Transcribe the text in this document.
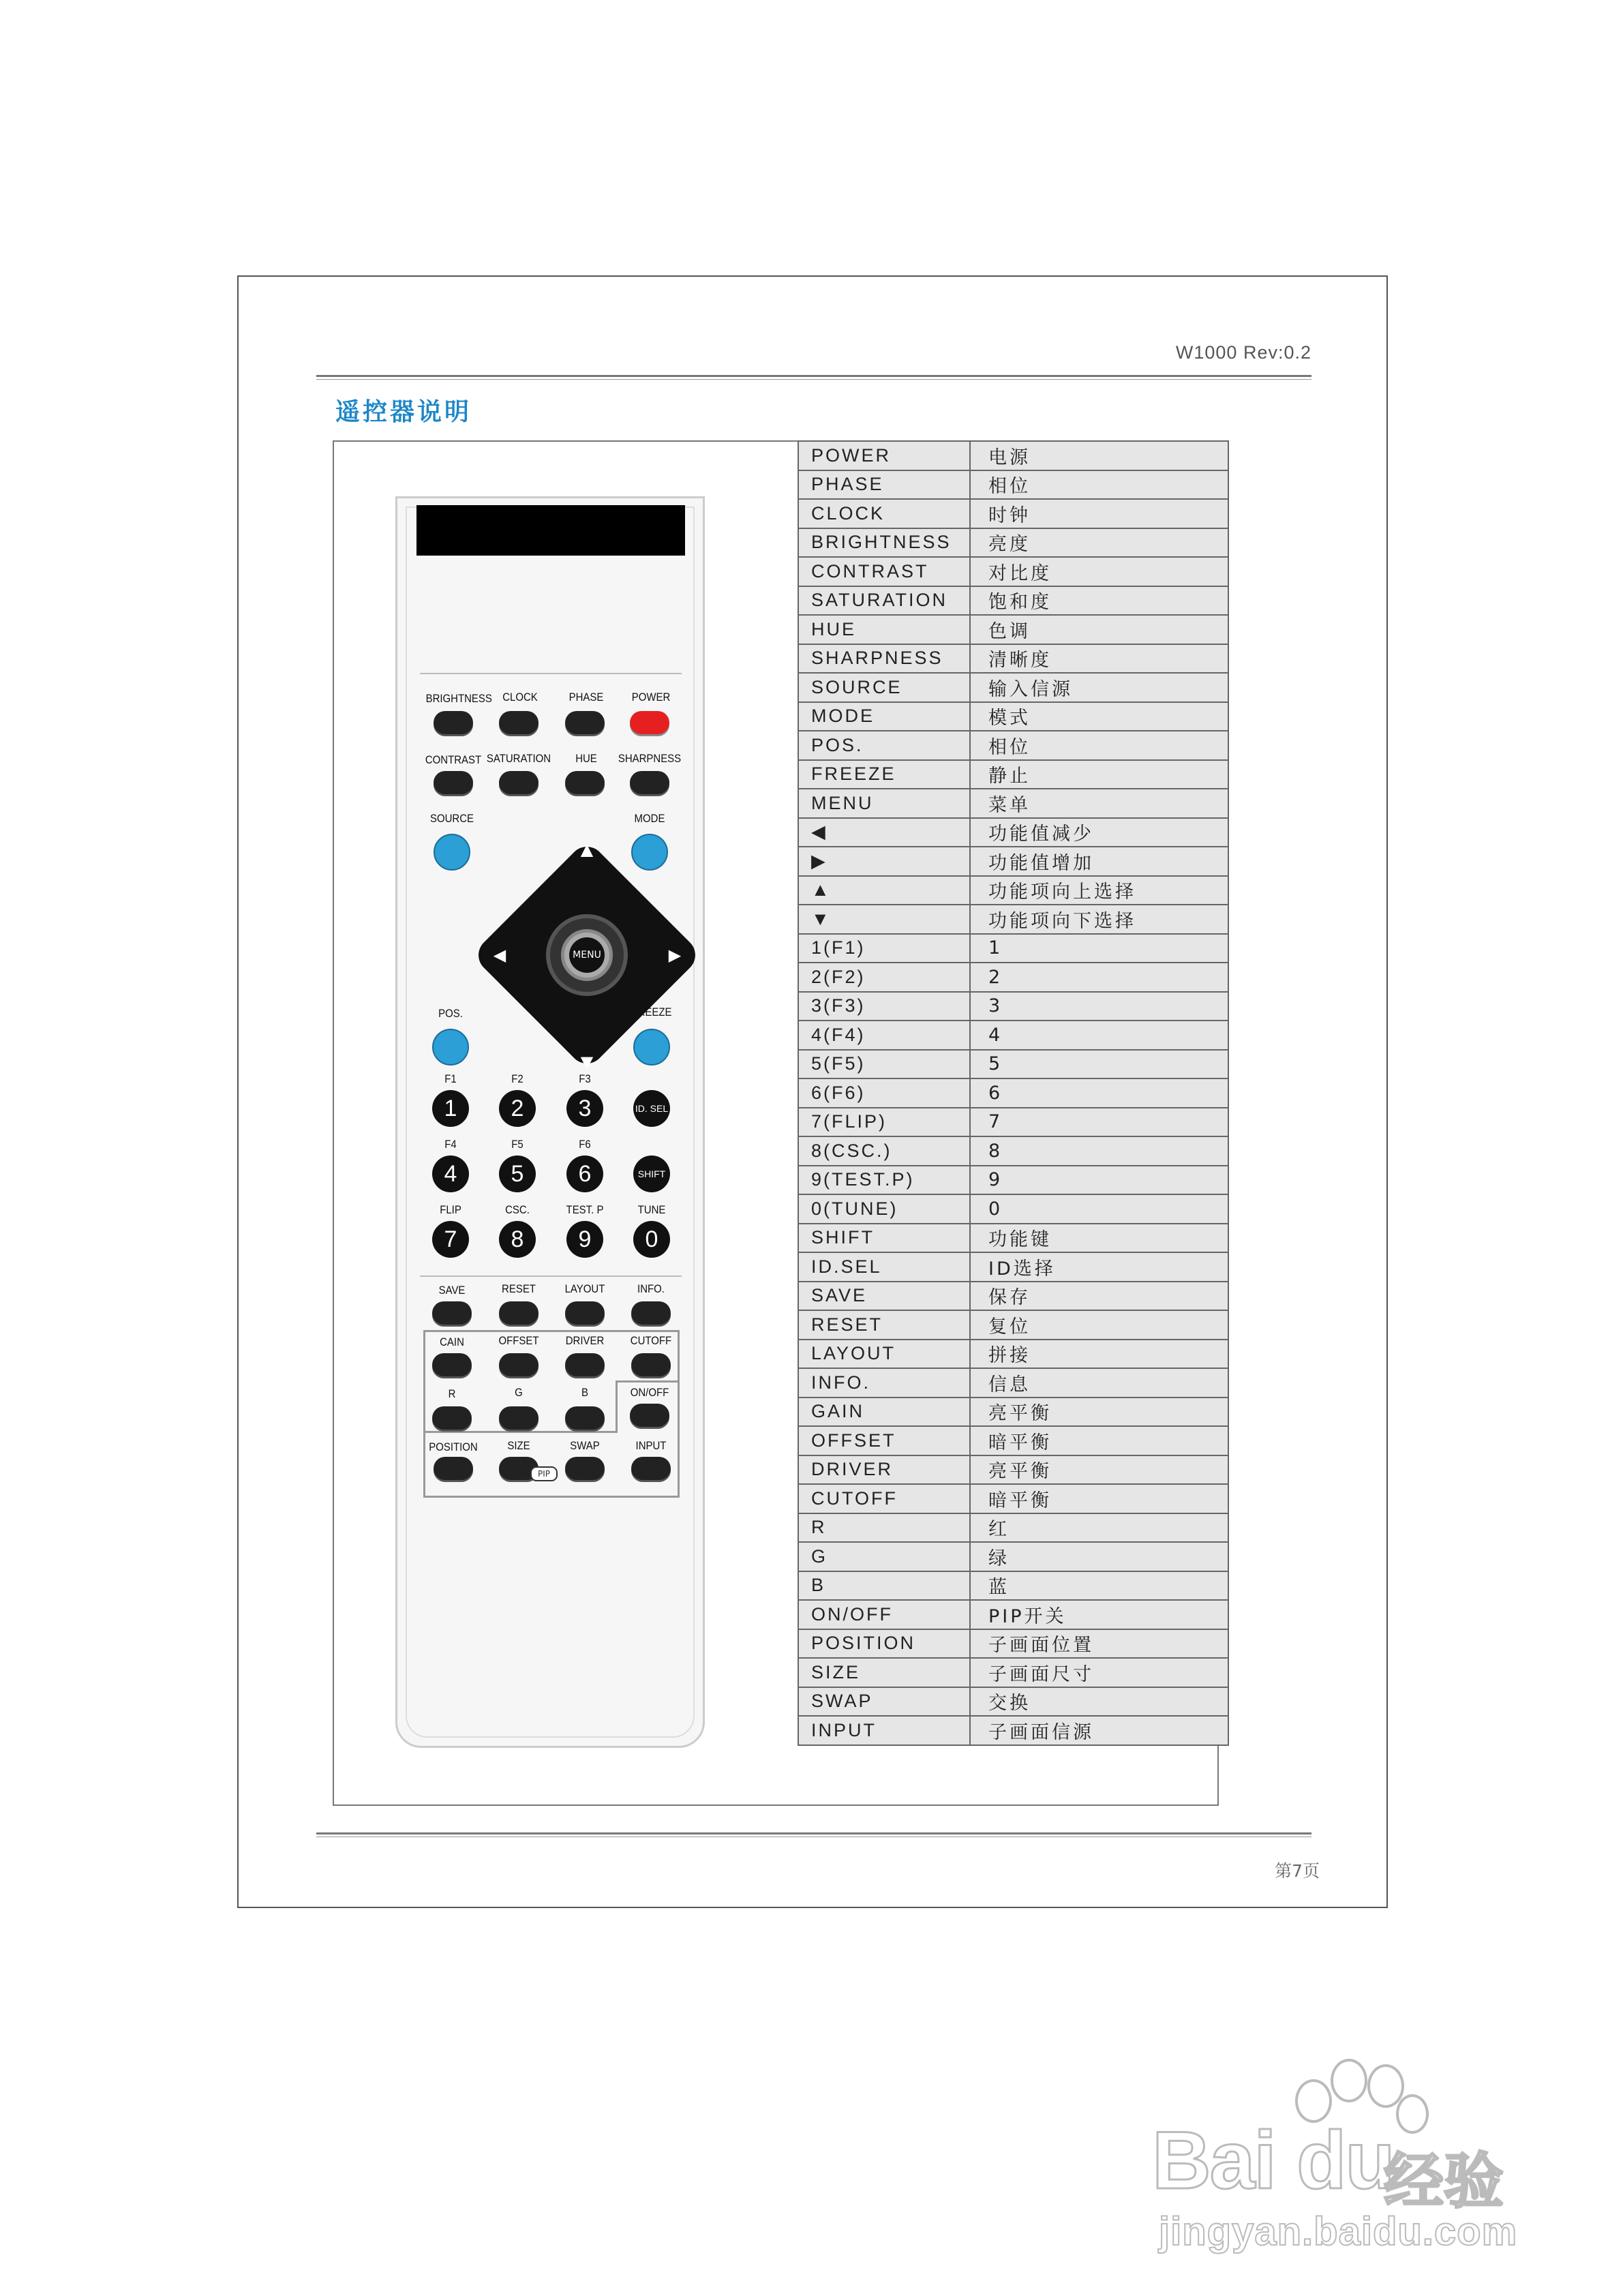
W1000 Rev:0.2
遥控器说明
BRIGHTNESS CLOCK	PHASE	POWER
CONTRAST SATURATION	HUE	SHARPNESS
SOURCE	MODE
MENU
▲
▼
◀	▶
POS.	FREEZE
F1	F2	F3
1	2	3	ID. SEL
F4	F5	F6
4	5	6	SHIFT
FLIP	CSC.	TEST. P	TUNE
7	8	9	0
SAVE	RESET	LAYOUT	INFO.
CAIN	OFFSET	DRIVER	CUTOFF
R	G	B	ON/OFF
POSITION	SIZE	SWAP	INPUT
PIP
POWER	电源
PHASE	相位
CLOCK	时钟
BRIGHTNESS	亮度
CONTRAST	对比度
SATURATION	饱和度
HUE	色调
SHARPNESS	清晰度
SOURCE	输入信源
MODE	模式
POS.	相位
FREEZE	静止
MENU	菜单
◀	功能值减少
▶	功能值增加
▲	功能项向上选择
▼	功能项向下选择
1(F1)	1
2(F2)	2
3(F3)	3
4(F4)	4
5(F5)	5
6(F6)	6
7(FLIP)	7
8(CSC.)	8
9(TEST.P)	9
0(TUNE)	0
SHIFT	功能键
ID.SEL	ID选择
SAVE	保存
RESET	复位
LAYOUT	拼接
INFO.	信息
GAIN	亮平衡
OFFSET	暗平衡
DRIVER	亮平衡
CUTOFF	暗平衡
R	红
G	绿
B	蓝
ON/OFF	PIP开关
POSITION	子画面位置
SIZE	子画面尺寸
SWAP	交换
INPUT	子画面信源
第7页
Bai du
经验
jingyan.baidu.com
